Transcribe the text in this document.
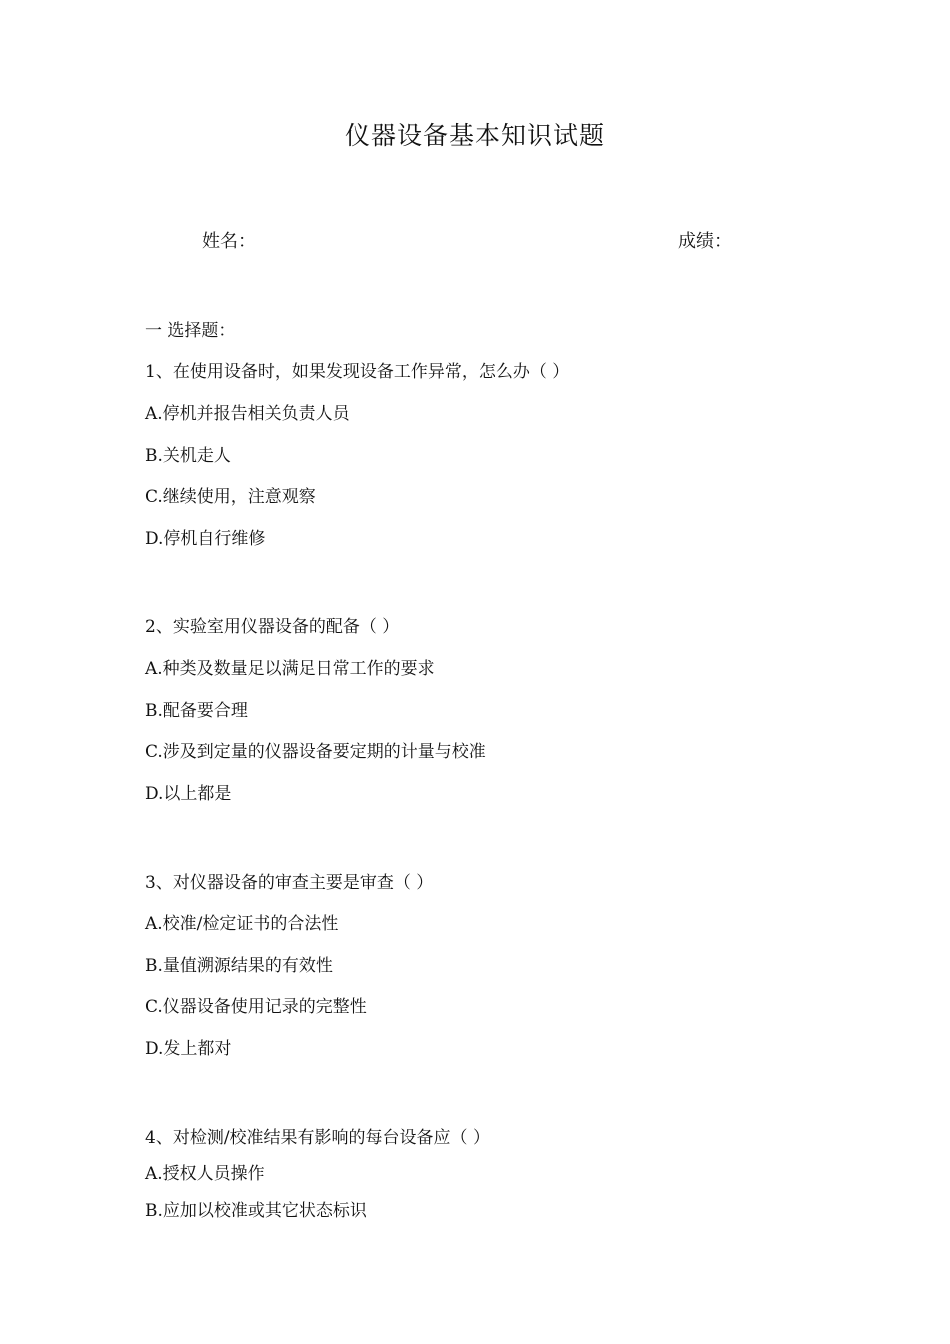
仪器设备基本知识试题
姓名：	成绩：
一 选择题：
1、在使用设备时，如果发现设备工作异常，怎么办（ ）
A.停机并报告相关负责人员
B.关机走人
C.继续使用，注意观察
D.停机自行维修
2、实验室用仪器设备的配备（ ）
A.种类及数量足以满足日常工作的要求
B.配备要合理
C.涉及到定量的仪器设备要定期的计量与校准
D.以上都是
3、对仪器设备的审查主要是审查（ ）
A.校准/检定证书的合法性
B.量值溯源结果的有效性
C.仪器设备使用记录的完整性
D.发上都对
4、对检测/校准结果有影响的每台设备应（ ）
A.授权人员操作
B.应加以校准或其它状态标识
